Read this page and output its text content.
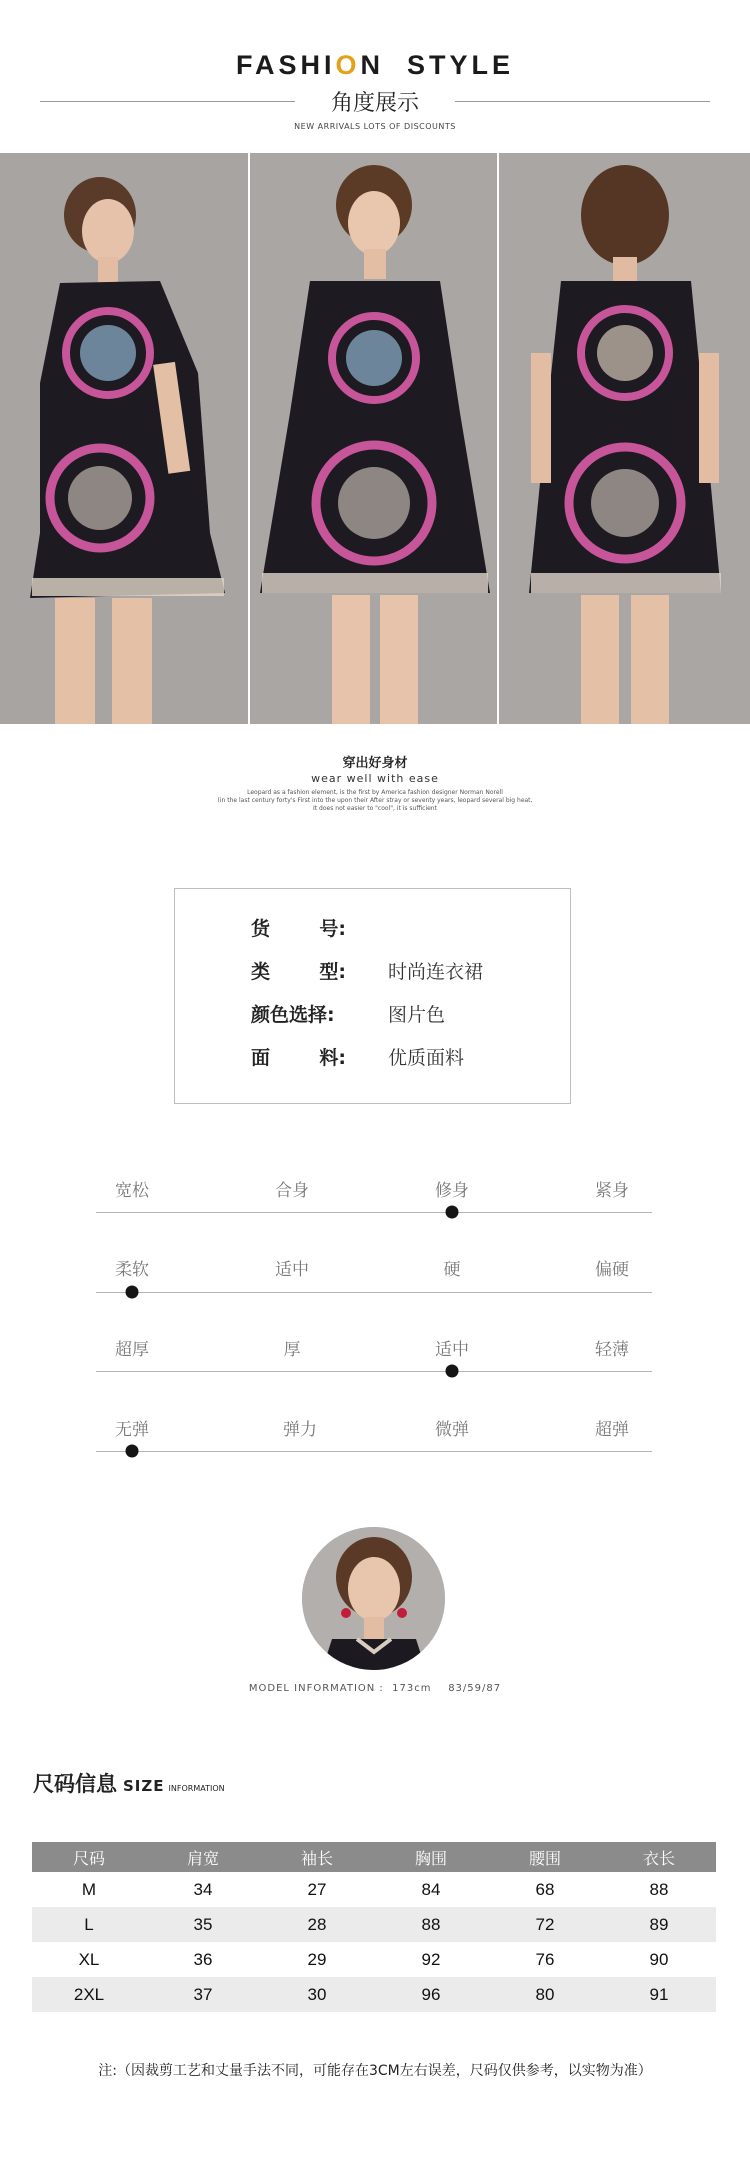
FASHION  STYLE
角度展示
NEW ARRIVALS LOTS OF DISCOUNTS
穿出好身材
wear well with ease
Leopard as a fashion element, is the first by America fashion designer Norman Norell
(in the last century forty's First into the upon their After stray or seventy years, leopard several big heat,
It does not easier to "cool", it is sufficient
货	号:
类	型: 时尚连衣裙
颜色选择:	图片色
面	料: 优质面料
宽松	合身	修身	紧身
柔软	适中	硬	偏硬
超厚	厚	适中	轻薄
无弹	弹力	微弹	超弹
MODEL INFORMATION :  173cm    83/59/87
尺码信息 SIZE INFORMATION
尺码	肩宽	袖长	胸围	腰围	衣长
M	34	27	84	68	88
L	35	28	88	72	89
XL	36	29	92	76	90
2XL	37	30	96	80	91
注:（因裁剪工艺和丈量手法不同，可能存在3CM左右误差，尺码仅供参考，以实物为准）
